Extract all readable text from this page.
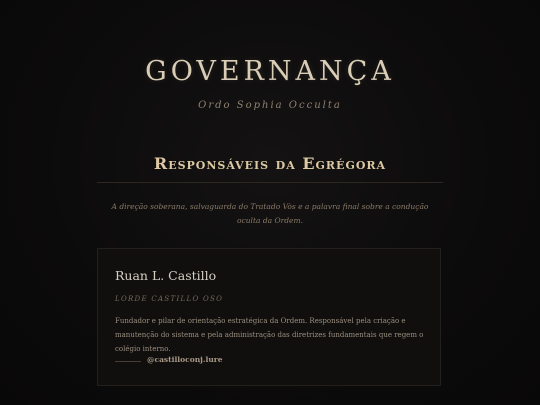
GOVERNANÇA
Ordo Sophia Occulta
Responsáveis da Egrégora
A direção soberana, salvaguarda do Tratado Vòs e a palavra final sobre a condução oculta da Ordem.
Ruan L. Castillo
LORDE CASTILLO OSO
Fundador e pilar de orientação estratégica da Ordem. Responsável pela criação e manutenção do sistema e pela administração das diretrizes fundamentais que regem o colégio interno.
@castilloconj.lure
